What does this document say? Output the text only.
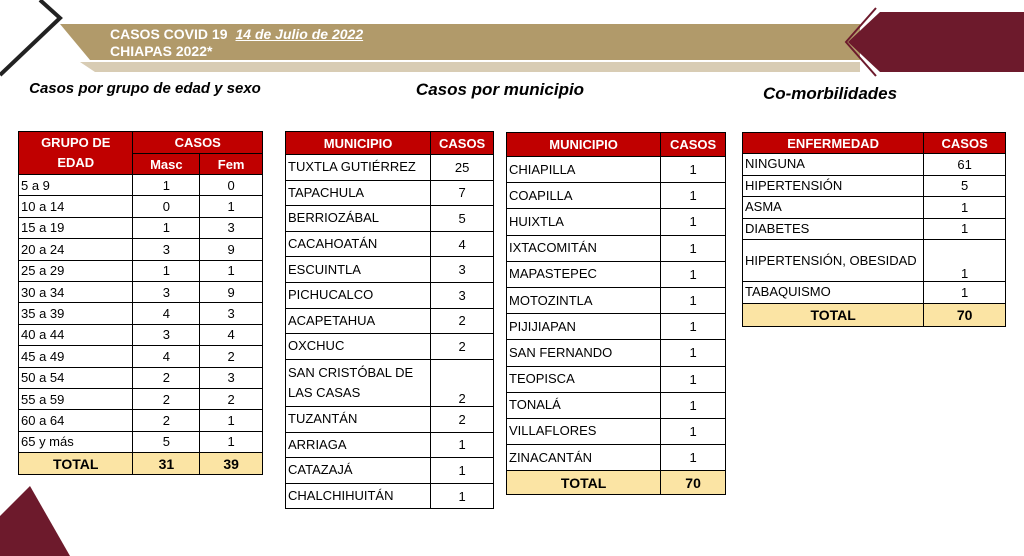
CASOS COVID 19 14 de Julio de 2022
CHIAPAS 2022*
Casos por grupo de edad y sexo	Casos por municipio	Co-morbilidades
GRUPO DE EDAD	CASOS	
	Masc	Fem
5 a 9	1	0
10 a 14	0	1
15 a 19	1	3
20 a 24	3	9
25 a 29	1	1
30 a 34	3	9
35 a 39	4	3
40 a 44	3	4
45 a 49	4	2
50 a 54	2	3
55 a 59	2	2
60 a 64	2	1
65 y más	5	1
TOTAL	31	39
MUNICIPIO	CASOS
TUXTLA GUTIÉRREZ	25
TAPACHULA	7
BERRIOZÁBAL	5
CACAHOATÁN	4
ESCUINTLA	3
PICHUCALCO	3
ACAPETAHUA	2
OXCHUC	2
SAN CRISTÓBAL DE LAS CASAS	2
TUZANTÁN	2
ARRIAGA	1
CATAZAJÁ	1
CHALCHIHUITÁN	1
MUNICIPIO	CASOS
CHIAPILLA	1
COAPILLA	1
HUIXTLA	1
IXTACOMITÁN	1
MAPASTEPEC	1
MOTOZINTLA	1
PIJIJIAPAN	1
SAN FERNANDO	1
TEOPISCA	1
TONALÁ	1
VILLAFLORES	1
ZINACANTÁN	1
TOTAL	70
ENFERMEDAD	CASOS
NINGUNA	61
HIPERTENSIÓN	5
ASMA	1
DIABETES	1
HIPERTENSIÓN, OBESIDAD	1
TABAQUISMO	1
TOTAL	70
